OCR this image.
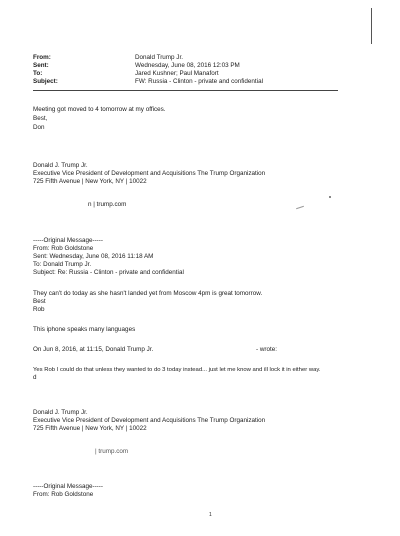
From:	Donald Trump Jr.
Sent:	Wednesday, June 08, 2016 12:03 PM
To:	Jared Kushner; Paul Manafort
Subject:	FW: Russia - Clinton - private and confidential
Meeting got moved to 4 tomorrow at my offices.
Best,
Don
Donald J. Trump Jr.
Executive Vice President of Development and Acquisitions The Trump Organization
725 Fifth Avenue | New York, NY | 10022
n | trump.com
-----Original Message-----
From: Rob Goldstone
Sent: Wednesday, June 08, 2016 11:18 AM
To: Donald Trump Jr.
Subject: Re: Russia - Clinton - private and confidential
They can't do today as she hasn't landed yet from Moscow 4pm is great tomorrow.
Best
Rob
This iphone speaks many languages
On Jun 8, 2016, at 11:15, Donald Trump Jr.	- wrote:
Yes Rob I could do that unless they wanted to do 3 today instead... just let me know and ill lock it in either way.
d
Donald J. Trump Jr.
Executive Vice President of Development and Acquisitions The Trump Organization
725 Fifth Avenue | New York, NY | 10022
| trump.com
-----Original Message-----
From: Rob Goldstone
1
